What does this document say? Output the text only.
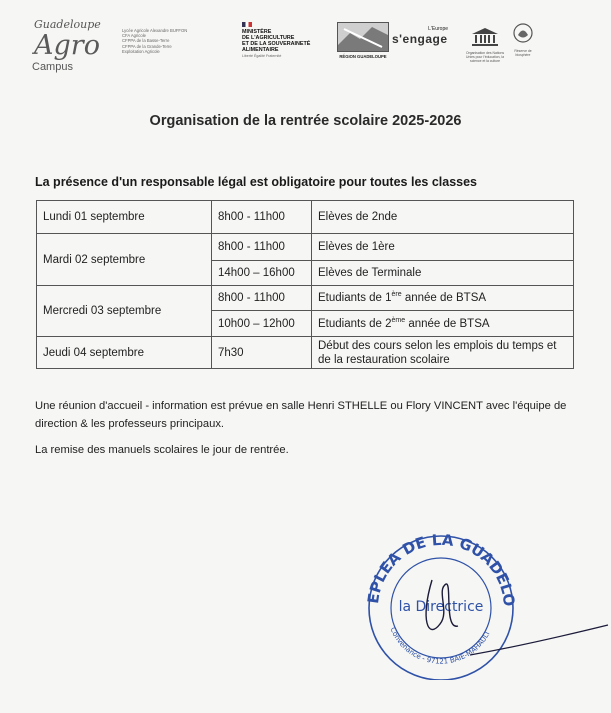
Guadeloupe
Agro
Campus
Lycée Agricole Alexandre BUFFON
CFA Agricole
CFPPA de la Basse-Terre
CFPPA de la Grande-Terre
Exploitation Agricole
MINISTÈRE
DE L'AGRICULTURE
ET DE LA SOUVERAINETÉ
ALIMENTAIRE
Liberté Égalité Fraternité	RÉGION GUADELOUPE
L'Europe
s'engage
Organisation des Nations Unies pour l'éducation, la science et la culture
Réserve de biosphère
Organisation de la rentrée scolaire 2025-2026
La présence d'un responsable légal est obligatoire pour toutes les classes
Lundi 01 septembre	8h00 - 11h00	Elèves de 2nde
Mardi 02 septembre	8h00 - 11h00	Elèves de 1ère
	14h00 – 16h00	Elèves de Terminale
Mercredi 03 septembre	8h00 - 11h00	Etudiants de 1ère année de BTSA
	10h00 – 12h00	Etudiants de 2ème année de BTSA
Jeudi 04 septembre	7h30	Début des cours selon les emplois du temps et
de la restauration scolaire
Une réunion d'accueil - information est prévue en salle Henri STHELLE ou Flory VINCENT avec l'équipe de direction & les professeurs principaux.
La remise des manuels scolaires le jour de rentrée.
EPLEA DE LA GUADELO
Convenance - 97121 BAIE-MAHAULT
la Directrice
